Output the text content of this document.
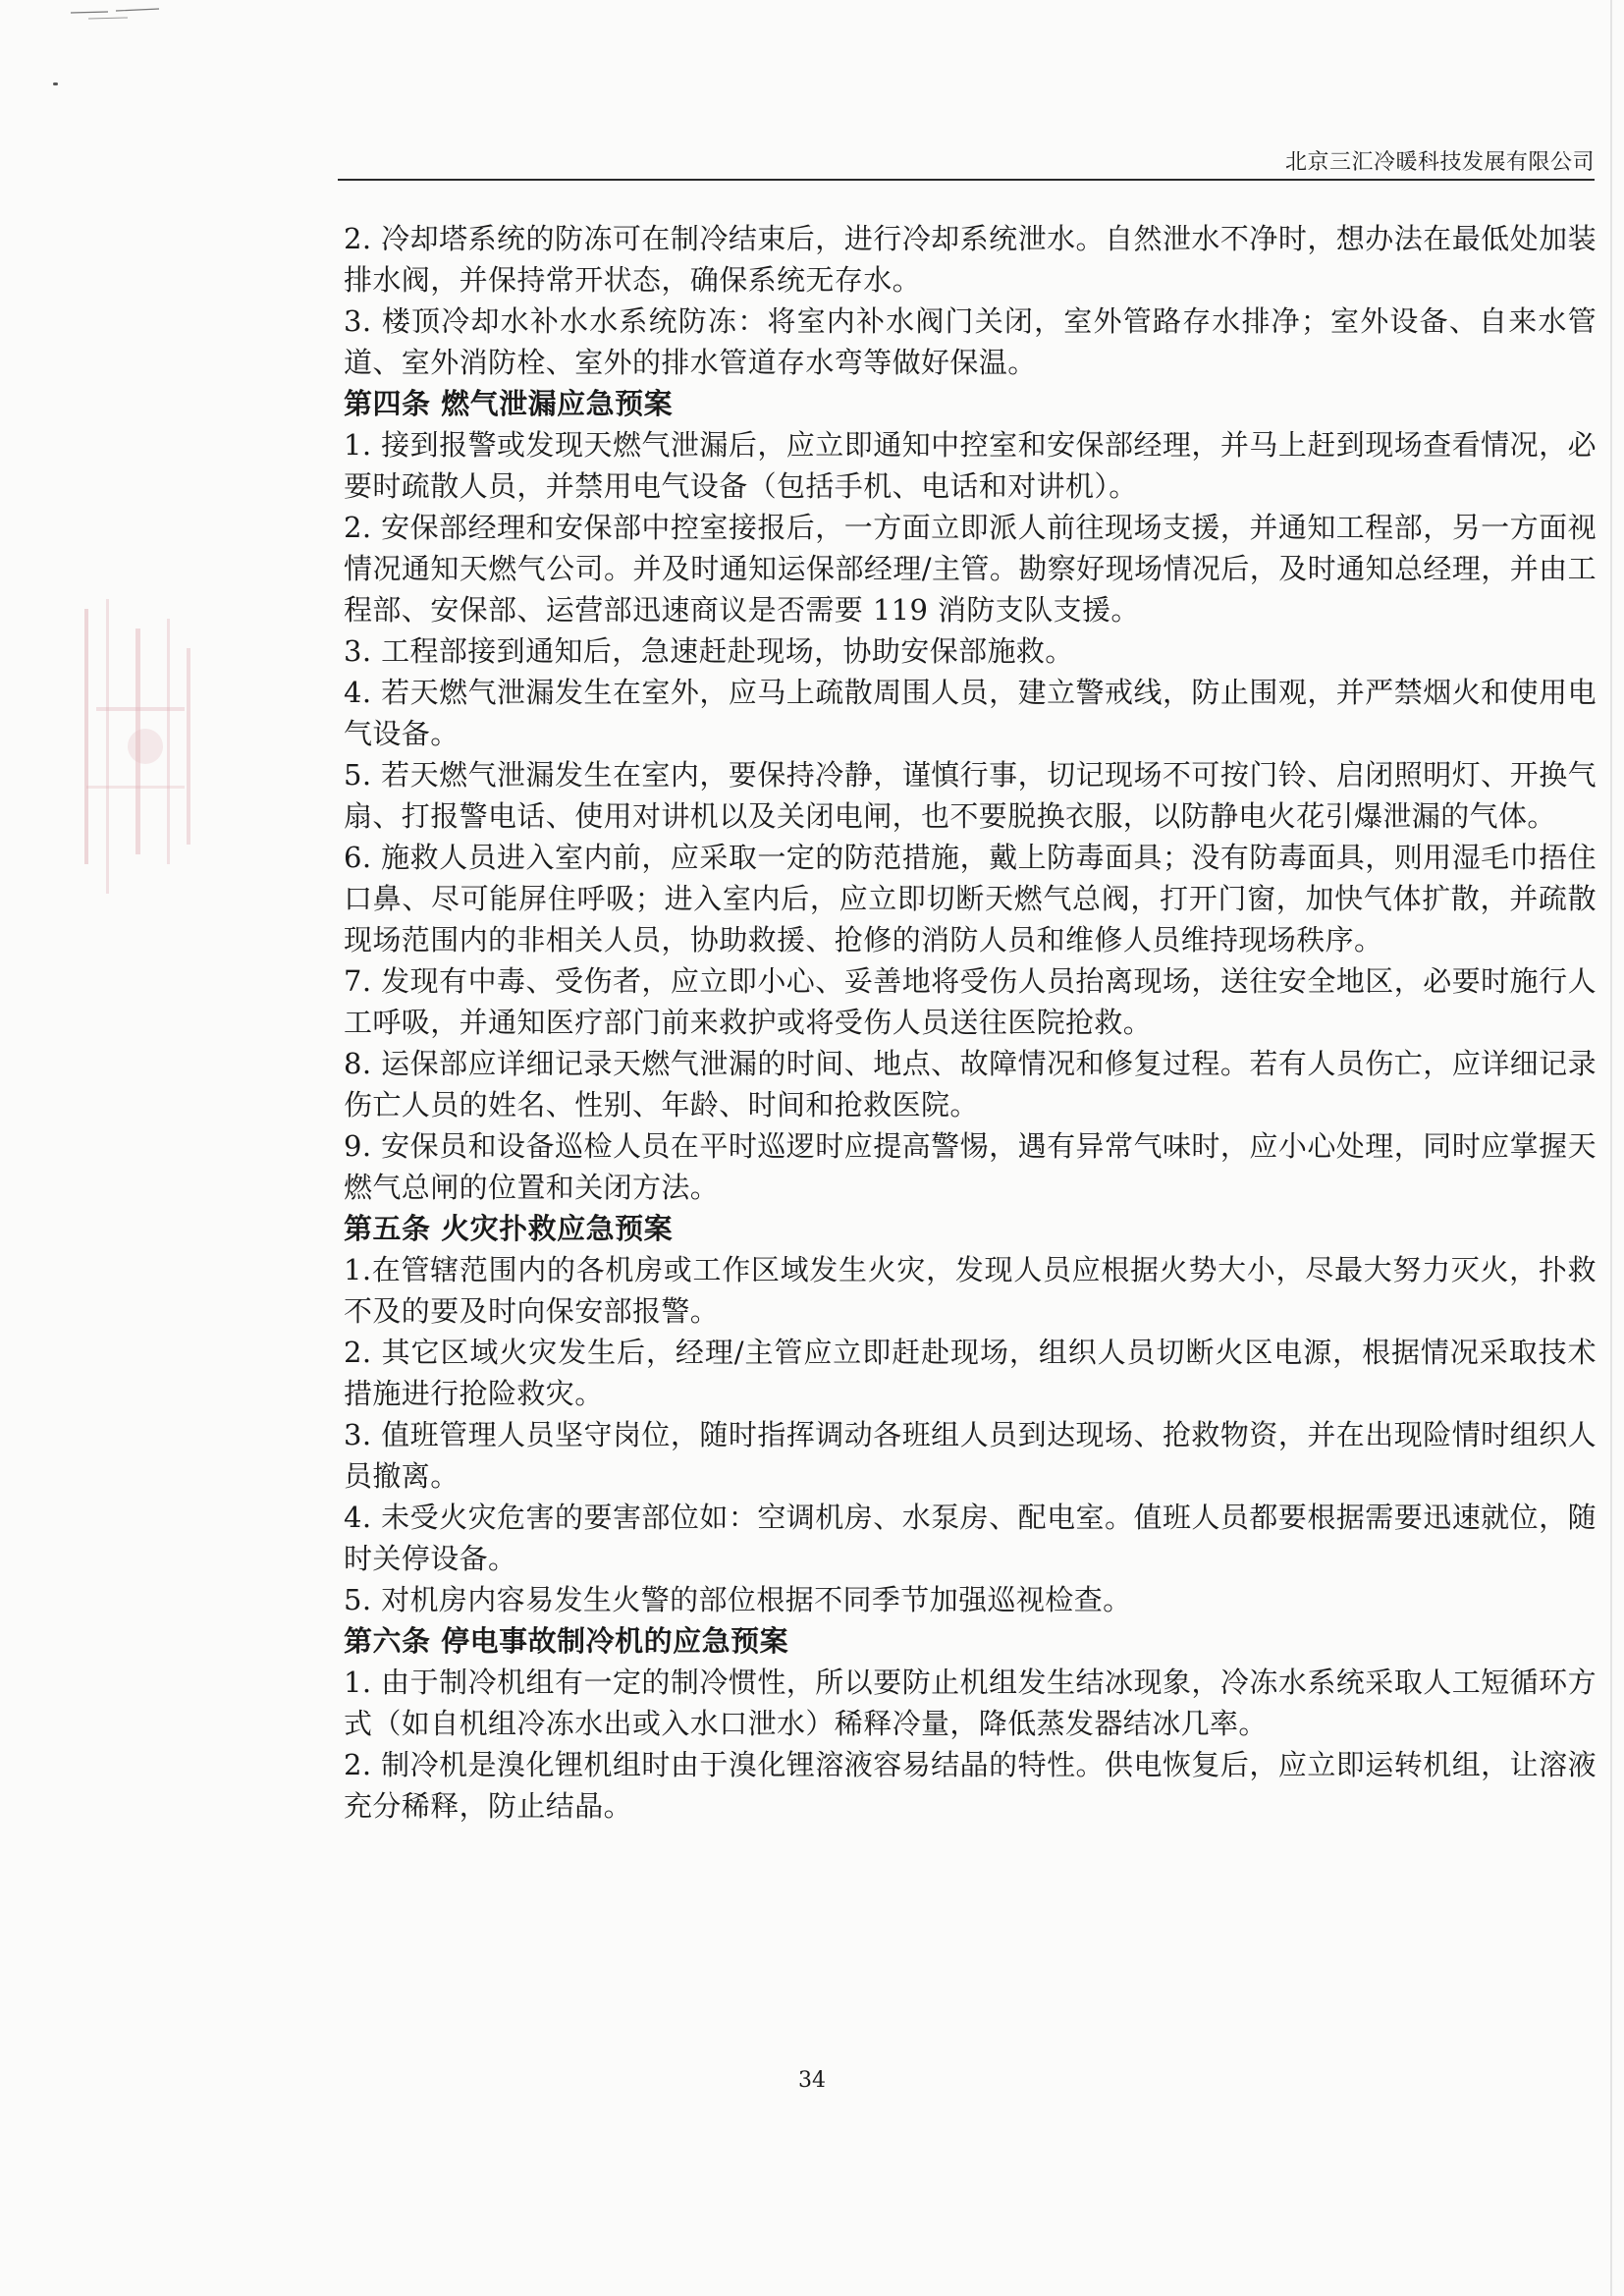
北京三汇冷暖科技发展有限公司

2. 冷却塔系统的防冻可在制冷结束后，进行冷却系统泄水。自然泄水不净时，想办法在最低处加装排水阀，并保持常开状态，确保系统无存水。

3. 楼顶冷却水补水水系统防冻：将室内补水阀门关闭，室外管路存水排净；室外设备、自来水管道、室外消防栓、室外的排水管道存水弯等做好保温。

第四条 燃气泄漏应急预案

1. 接到报警或发现天燃气泄漏后，应立即通知中控室和安保部经理，并马上赶到现场查看情况，必要时疏散人员，并禁用电气设备（包括手机、电话和对讲机）。

2. 安保部经理和安保部中控室接报后，一方面立即派人前往现场支援，并通知工程部，另一方面视情况通知天燃气公司。并及时通知运保部经理/主管。勘察好现场情况后，及时通知总经理，并由工程部、安保部、运营部迅速商议是否需要 119 消防支队支援。

3. 工程部接到通知后，急速赶赴现场，协助安保部施救。

4. 若天燃气泄漏发生在室外，应马上疏散周围人员，建立警戒线，防止围观，并严禁烟火和使用电气设备。

5. 若天燃气泄漏发生在室内，要保持冷静，谨慎行事，切记现场不可按门铃、启闭照明灯、开换气扇、打报警电话、使用对讲机以及关闭电闸，也不要脱换衣服，以防静电火花引爆泄漏的气体。

6. 施救人员进入室内前，应采取一定的防范措施，戴上防毒面具；没有防毒面具，则用湿毛巾捂住口鼻、尽可能屏住呼吸；进入室内后，应立即切断天燃气总阀，打开门窗，加快气体扩散，并疏散现场范围内的非相关人员，协助救援、抢修的消防人员和维修人员维持现场秩序。

7. 发现有中毒、受伤者，应立即小心、妥善地将受伤人员抬离现场，送往安全地区，必要时施行人工呼吸，并通知医疗部门前来救护或将受伤人员送往医院抢救。

8. 运保部应详细记录天燃气泄漏的时间、地点、故障情况和修复过程。若有人员伤亡，应详细记录伤亡人员的姓名、性别、年龄、时间和抢救医院。

9. 安保员和设备巡检人员在平时巡逻时应提高警惕，遇有异常气味时，应小心处理，同时应掌握天燃气总闸的位置和关闭方法。

第五条 火灾扑救应急预案

1.在管辖范围内的各机房或工作区域发生火灾，发现人员应根据火势大小，尽最大努力灭火，扑救不及的要及时向保安部报警。

2. 其它区域火灾发生后，经理/主管应立即赶赴现场，组织人员切断火区电源，根据情况采取技术措施进行抢险救灾。

3. 值班管理人员坚守岗位，随时指挥调动各班组人员到达现场、抢救物资，并在出现险情时组织人员撤离。

4. 未受火灾危害的要害部位如：空调机房、水泵房、配电室。值班人员都要根据需要迅速就位，随时关停设备。

5. 对机房内容易发生火警的部位根据不同季节加强巡视检查。

第六条 停电事故制冷机的应急预案

1. 由于制冷机组有一定的制冷惯性，所以要防止机组发生结冰现象，冷冻水系统采取人工短循环方式（如自机组冷冻水出或入水口泄水）稀释冷量，降低蒸发器结冰几率。

2. 制冷机是溴化锂机组时由于溴化锂溶液容易结晶的特性。供电恢复后，应立即运转机组，让溶液充分稀释，防止结晶。

34
